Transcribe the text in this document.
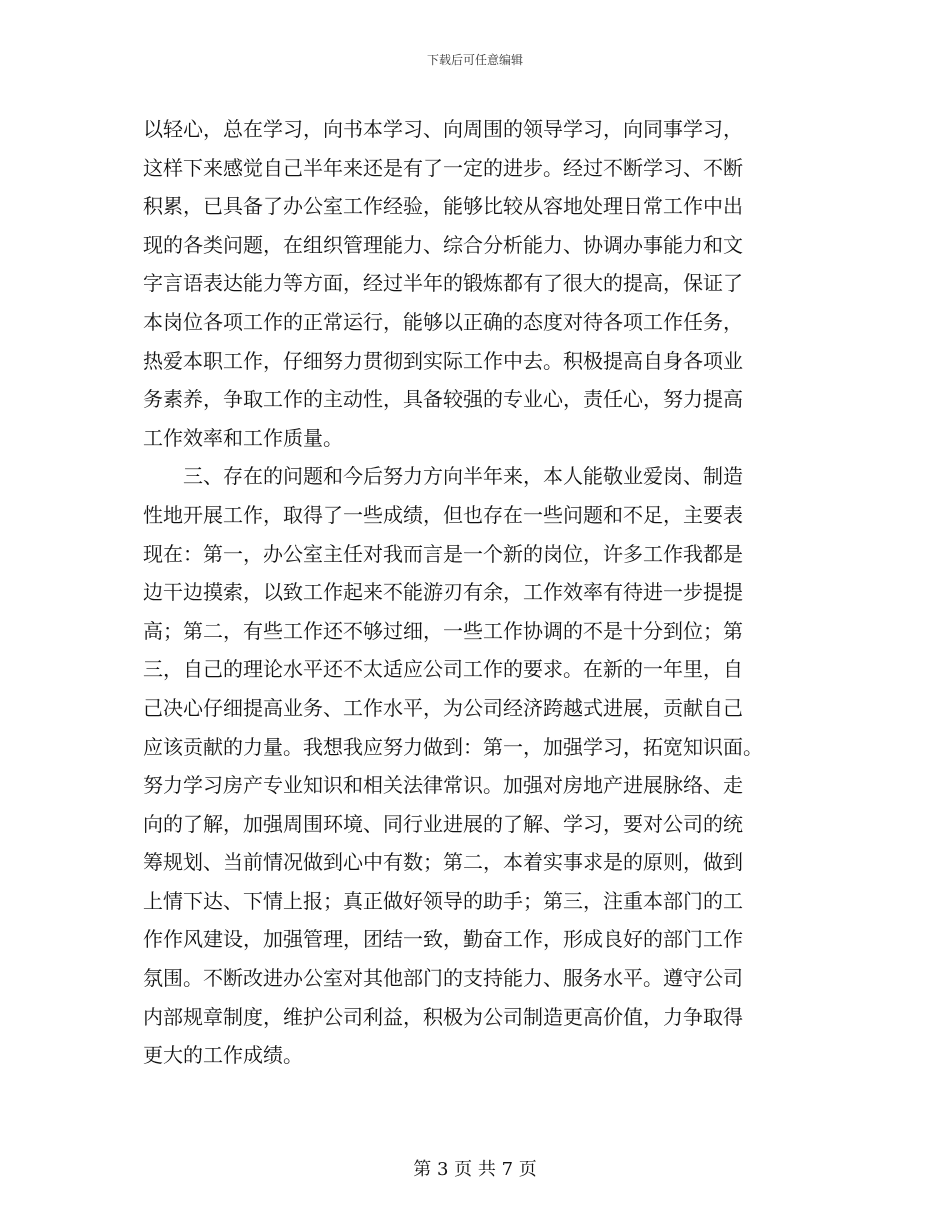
下载后可任意编辑
以轻心，总在学习，向书本学习、向周围的领导学习，向同事学习，
这样下来感觉自己半年来还是有了一定的进步。经过不断学习、不断
积累，已具备了办公室工作经验，能够比较从容地处理日常工作中出
现的各类问题，在组织管理能力、综合分析能力、协调办事能力和文
字言语表达能力等方面，经过半年的锻炼都有了很大的提高，保证了
本岗位各项工作的正常运行，能够以正确的态度对待各项工作任务，
热爱本职工作，仔细努力贯彻到实际工作中去。积极提高自身各项业
务素养，争取工作的主动性，具备较强的专业心，责任心，努力提高
工作效率和工作质量。
　　三、存在的问题和今后努力方向半年来，本人能敬业爱岗、制造
性地开展工作，取得了一些成绩，但也存在一些问题和不足，主要表
现在：第一，办公室主任对我而言是一个新的岗位，许多工作我都是
边干边摸索，以致工作起来不能游刃有余，工作效率有待进一步提提
高；第二，有些工作还不够过细，一些工作协调的不是十分到位；第
三，自己的理论水平还不太适应公司工作的要求。在新的一年里，自
己决心仔细提高业务、工作水平，为公司经济跨越式进展，贡献自己
应该贡献的力量。我想我应努力做到：第一，加强学习，拓宽知识面。
努力学习房产专业知识和相关法律常识。加强对房地产进展脉络、走
向的了解，加强周围环境、同行业进展的了解、学习，要对公司的统
筹规划、当前情况做到心中有数；第二，本着实事求是的原则，做到
上情下达、下情上报；真正做好领导的助手；第三，注重本部门的工
作作风建设，加强管理，团结一致，勤奋工作，形成良好的部门工作
氛围。不断改进办公室对其他部门的支持能力、服务水平。遵守公司
内部规章制度，维护公司利益，积极为公司制造更高价值，力争取得
更大的工作成绩。
第 3 页 共 7 页
